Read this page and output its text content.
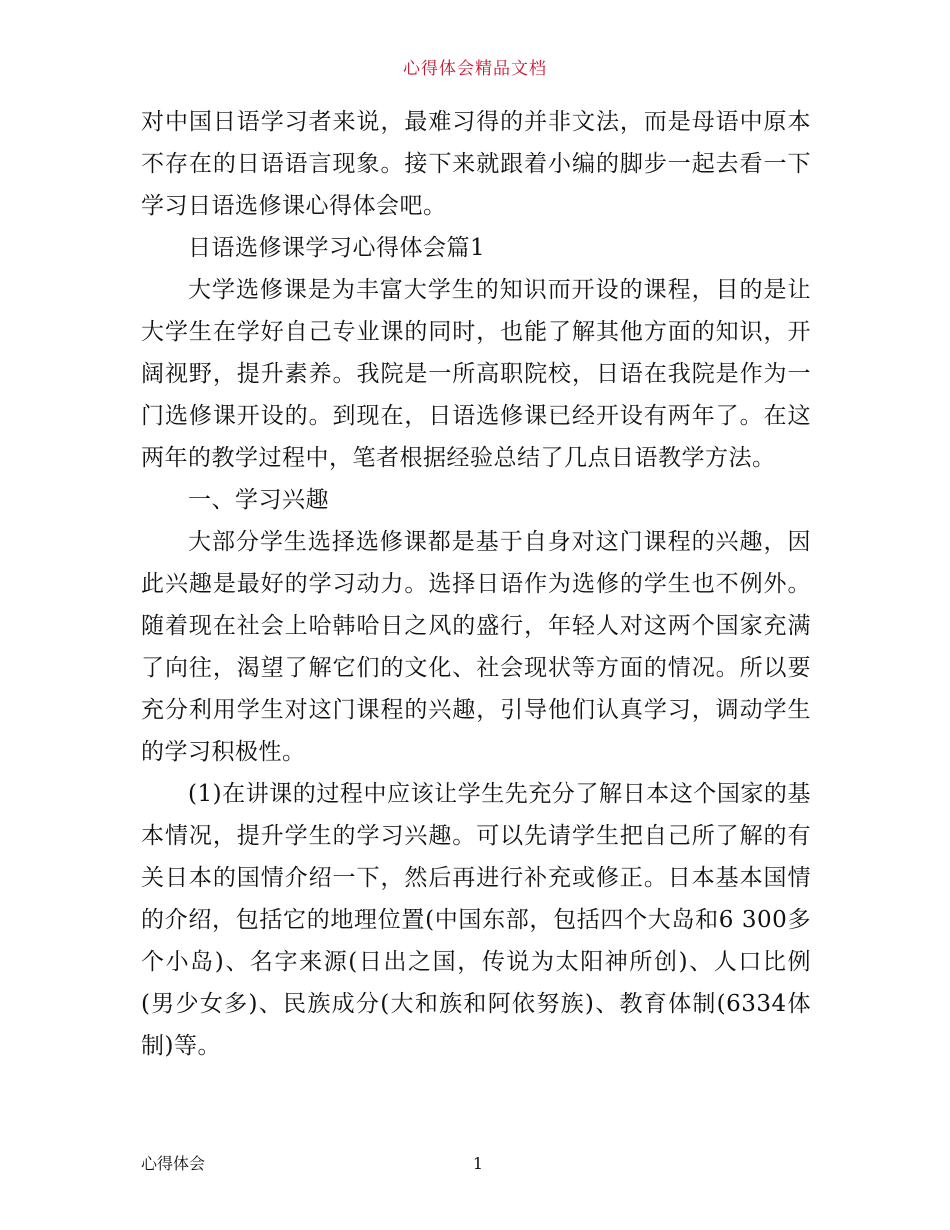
心得体会精品文档

对中国日语学习者来说，最难习得的并非文法，而是母语中原本不存在的日语语言现象。接下来就跟着小编的脚步一起去看一下学习日语选修课心得体会吧。

日语选修课学习心得体会篇1

大学选修课是为丰富大学生的知识而开设的课程，目的是让大学生在学好自己专业课的同时，也能了解其他方面的知识，开阔视野，提升素养。我院是一所高职院校，日语在我院是作为一门选修课开设的。到现在，日语选修课已经开设有两年了。在这两年的教学过程中，笔者根据经验总结了几点日语教学方法。

一、学习兴趣

大部分学生选择选修课都是基于自身对这门课程的兴趣，因此兴趣是最好的学习动力。选择日语作为选修的学生也不例外。随着现在社会上哈韩哈日之风的盛行，年轻人对这两个国家充满了向往，渴望了解它们的文化、社会现状等方面的情况。所以要充分利用学生对这门课程的兴趣，引导他们认真学习，调动学生的学习积极性。

(1)在讲课的过程中应该让学生先充分了解日本这个国家的基本情况，提升学生的学习兴趣。可以先请学生把自己所了解的有关日本的国情介绍一下，然后再进行补充或修正。日本基本国情的介绍，包括它的地理位置(中国东部，包括四个大岛和6 300多个小岛)、名字来源(日出之国，传说为太阳神所创)、人口比例(男少女多)、民族成分(大和族和阿依努族)、教育体制(6334体制)等。

心得体会	1
